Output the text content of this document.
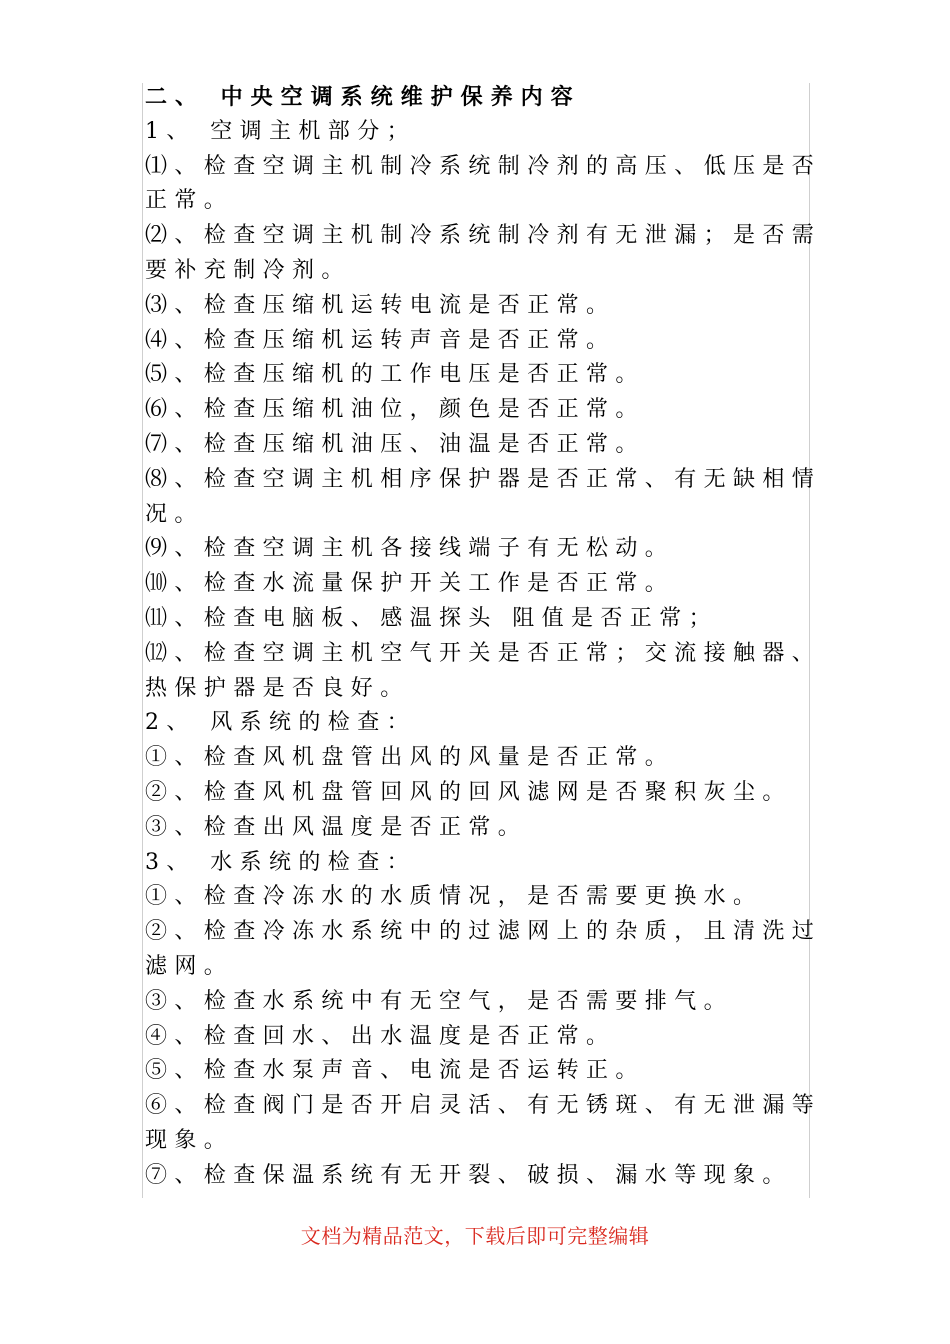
二、 中央空调系统维护保养内容

1、 空调主机部分；

⑴、检查空调主机制冷系统制冷剂的高压、低压是否

正常。

⑵、检查空调主机制冷系统制冷剂有无泄漏；是否需

要补充制冷剂。

⑶、检查压缩机运转电流是否正常。

⑷、检查压缩机运转声音是否正常。

⑸、检查压缩机的工作电压是否正常。

⑹、检查压缩机油位，颜色是否正常。

⑺、检查压缩机油压、油温是否正常。

⑻、检查空调主机相序保护器是否正常、有无缺相情

况。

⑼、检查空调主机各接线端子有无松动。

⑽、检查水流量保护开关工作是否正常。

⑾、检查电脑板、感温探头 阻值是否正常；

⑿、检查空调主机空气开关是否正常；交流接触器、

热保护器是否良好。

2、 风系统的检查：

①、检查风机盘管出风的风量是否正常。

②、检查风机盘管回风的回风滤网是否聚积灰尘。

③、检查出风温度是否正常。

3、 水系统的检查：

①、检查冷冻水的水质情况，是否需要更换水。

②、检查冷冻水系统中的过滤网上的杂质，且清洗过

滤网。

③、检查水系统中有无空气，是否需要排气。

④、检查回水、出水温度是否正常。

⑤、检查水泵声音、电流是否运转正。

⑥、检查阀门是否开启灵活、有无锈斑、有无泄漏等

现象。

⑦、检查保温系统有无开裂、破损、漏水等现象。

文档为精品范文，下载后即可完整编辑
